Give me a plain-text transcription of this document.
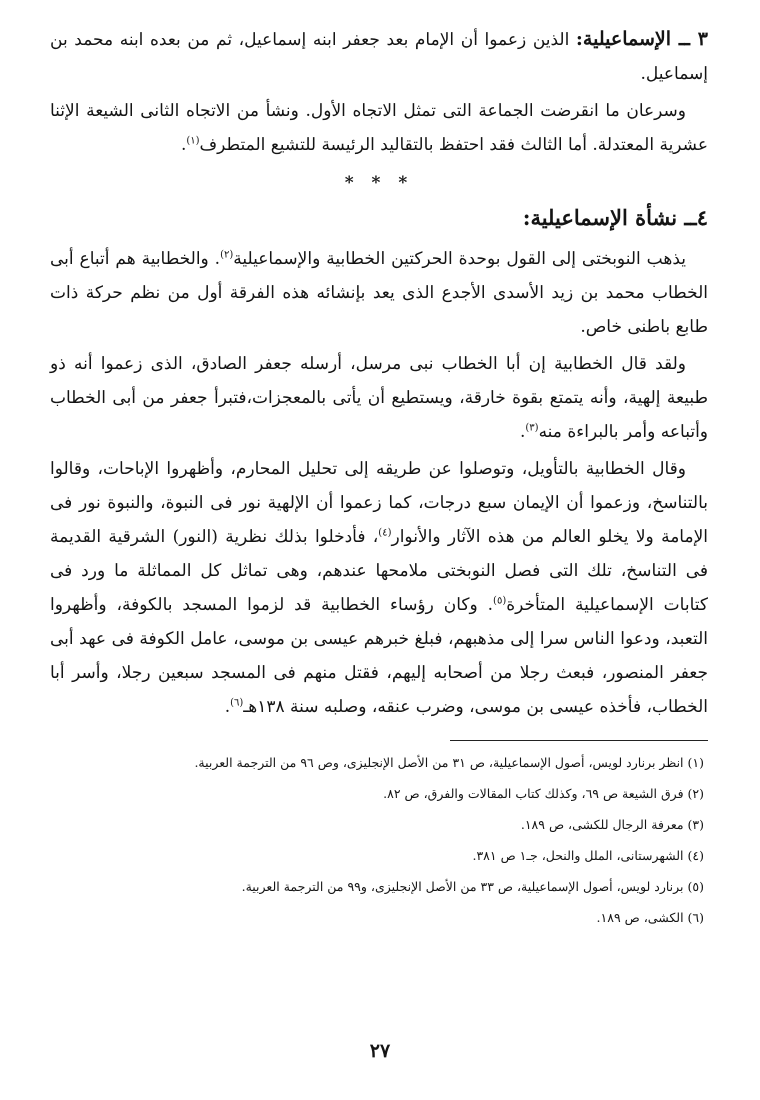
٣ ــ الإسماعيلية: الذين زعموا أن الإمام بعد جعفر ابنه إسماعيل، ثم من بعده ابنه محمد بن إسماعيل.

وسرعان ما انقرضت الجماعة التى تمثل الاتجاه الأول. ونشأ من الاتجاه الثانى الشيعة الإثنا عشرية المعتدلة. أما الثالث فقد احتفظ بالتقاليد الرئيسة للتشيع المتطرف$^{(١)}$.

* * *
٤ــ نشأة الإسماعيلية:

يذهب النوبختى إلى القول بوحدة الحركتين الخطابية والإسماعيلية$^{(٢)}$. والخطابية هم أتباع أبى الخطاب محمد بن زيد الأسدى الأجدع الذى يعد بإنشائه هذه الفرقة أول من نظم حركة ذات طابع باطنى خاص.

ولقد قال الخطابية إن أبا الخطاب نبى مرسل، أرسله جعفر الصادق، الذى زعموا أنه ذو طبيعة إلهية، وأنه يتمتع بقوة خارقة، ويستطيع أن يأتى بالمعجزات،فتبرأ جعفر من أبى الخطاب وأتباعه وأمر بالبراءة منه$^{(٣)}$.

وقال الخطابية بالتأويل، وتوصلوا عن طريقه إلى تحليل المحارم، وأظهروا الإباحات، وقالوا بالتناسخ، وزعموا أن الإيمان سبع درجات، كما زعموا أن الإلهية نور فى النبوة، والنبوة نور فى الإمامة ولا يخلو العالم من هذه الآثار والأنوار$^{(٤)}$، فأدخلوا بذلك نظرية (النور) الشرقية القديمة فى التناسخ، تلك التى فصل النوبختى ملامحها عندهم، وهى تماثل كل المماثلة ما ورد فى كتابات الإسماعيلية المتأخرة$^{(٥)}$. وكان رؤساء الخطابية قد لزموا المسجد بالكوفة، وأظهروا التعبد، ودعوا الناس سرا إلى مذهبهم، فبلغ خبرهم عيسى بن موسى، عامل الكوفة فى عهد أبى جعفر المنصور، فبعث رجلا من أصحابه إليهم، فقتل منهم فى المسجد سبعين رجلا، وأسر أبا الخطاب، فأخذه عيسى بن موسى، وضرب عنقه، وصلبه سنة ١٣٨هـ$^{(٦)}$.

(١) انظر برنارد لويس، أصول الإسماعيلية، ص ٣١ من الأصل الإنجليزى، وص ٩٦ من الترجمة العربية.
(٢) فرق الشيعة ص ٦٩، وكذلك كتاب المقالات والفرق، ص ٨٢.
(٣) معرفة الرجال للكشى، ص ١٨٩.
(٤) الشهرستانى، الملل والنحل، جـ١ ص ٣٨١.
(٥) برنارد لويس، أصول الإسماعيلية، ص ٣٣ من الأصل الإنجليزى، و٩٩ من الترجمة العربية.
(٦) الكشى، ص ١٨٩.
٢٧
